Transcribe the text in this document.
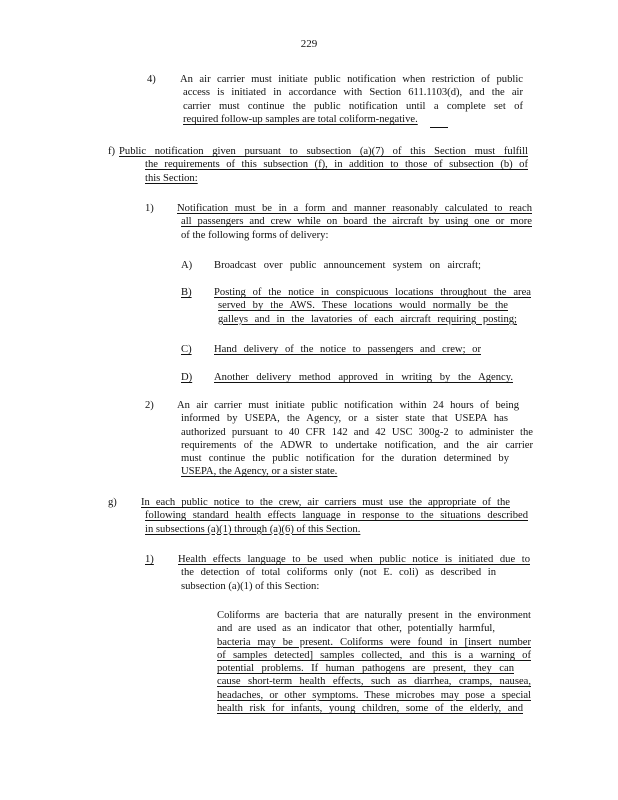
229
4)	An air carrier must initiate public notification when restriction of public
access is initiated in accordance with Section 611.1103(d), and the air
carrier must continue the public notification until a complete set of
required follow-up samples are total coliform-negative.
f) Public notification given pursuant to subsection (a)(7) of this Section must fulfill
the requirements of this subsection (f), in addition to those of subsection (b) of
this Section:
1)	Notification must be in a form and manner reasonably calculated to reach
all passengers and crew while on board the aircraft by using one or more
of the following forms of delivery:
A)	Broadcast over public announcement system on aircraft;
B)	Posting of the notice in conspicuous locations throughout the area
served by the AWS. These locations would normally be the
galleys and in the lavatories of each aircraft requiring posting;
C)	Hand delivery of the notice to passengers and crew; or
D)	Another delivery method approved in writing by the Agency.
2)	An air carrier must initiate public notification within 24 hours of being
informed by USEPA, the Agency, or a sister state that USEPA has
authorized pursuant to 40 CFR 142 and 42 USC 300g-2 to administer the
requirements of the ADWR to undertake notification, and the air carrier
must continue the public notification for the duration determined by
USEPA, the Agency, or a sister state.
g)	In each public notice to the crew, air carriers must use the appropriate of the
following standard health effects language in response to the situations described
in subsections (a)(1) through (a)(6) of this Section.
1)	Health effects language to be used when public notice is initiated due to
the detection of total coliforms only (not E. coli) as described in
subsection (a)(1) of this Section:
Coliforms are bacteria that are naturally present in the environment
and are used as an indicator that other, potentially harmful,
bacteria may be present. Coliforms were found in [insert number
of samples detected] samples collected, and this is a warning of
potential problems. If human pathogens are present, they can
cause short-term health effects, such as diarrhea, cramps, nausea,
headaches, or other symptoms. These microbes may pose a special
health risk for infants, young children, some of the elderly, and
